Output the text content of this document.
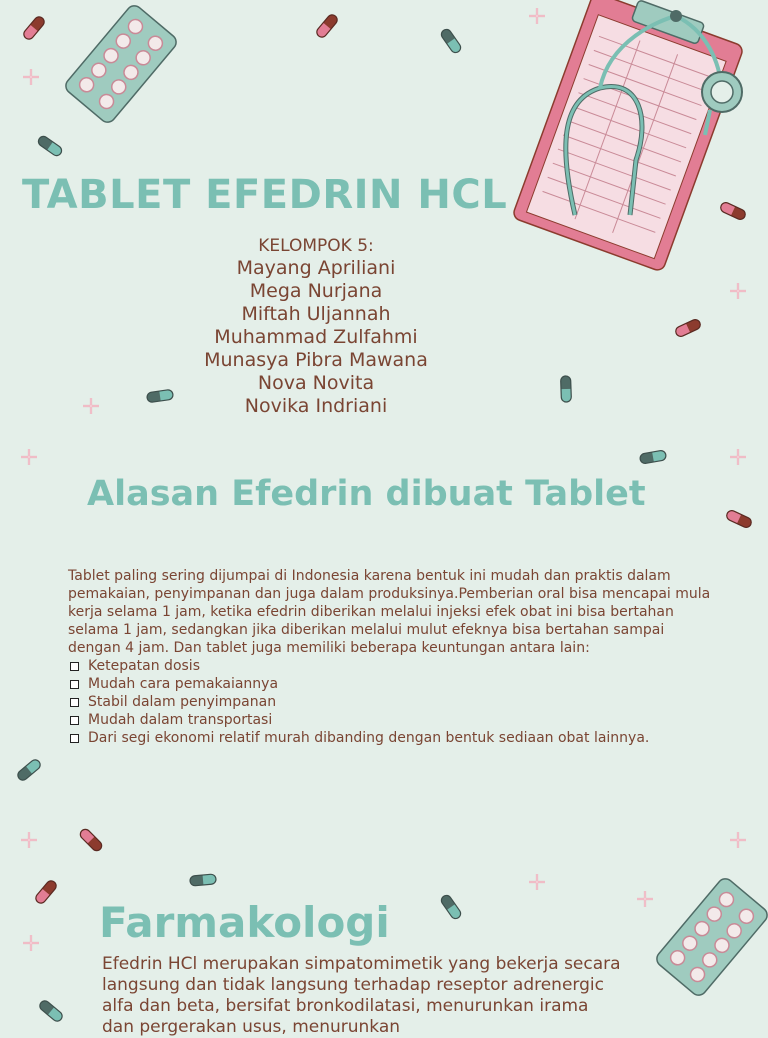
TABLET EFEDRIN HCL
KELOMPOK 5:
Mayang Apriliani
Mega Nurjana
Miftah Uljannah
Muhammad Zulfahmi
Munasya Pibra Mawana
Nova Novita
Novika Indriani
Alasan Efedrin dibuat Tablet

Tablet paling sering dijumpai di Indonesia karena bentuk ini mudah dan praktis dalam pemakaian, penyimpanan dan juga dalam produksinya.Pemberian oral bisa mencapai mula kerja selama 1 jam, ketika efedrin diberikan melalui injeksi efek obat ini bisa bertahan selama 1 jam, sedangkan jika diberikan melalui mulut efeknya bisa bertahan sampai dengan 4 jam. Dan tablet juga memiliki beberapa keuntungan antara lain:

Ketepatan dosis
Mudah cara pemakaiannya
Stabil dalam penyimpanan
Mudah dalam transportasi
Dari segi ekonomi relatif murah dibanding dengan bentuk sediaan obat lainnya.
Farmakologi

Efedrin HCl merupakan simpatomimetik yang bekerja secara langsung dan tidak langsung terhadap reseptor adrenergic alfa dan beta, bersifat bronkodilatasi, menurunkan irama dan pergerakan usus, menurunkan
